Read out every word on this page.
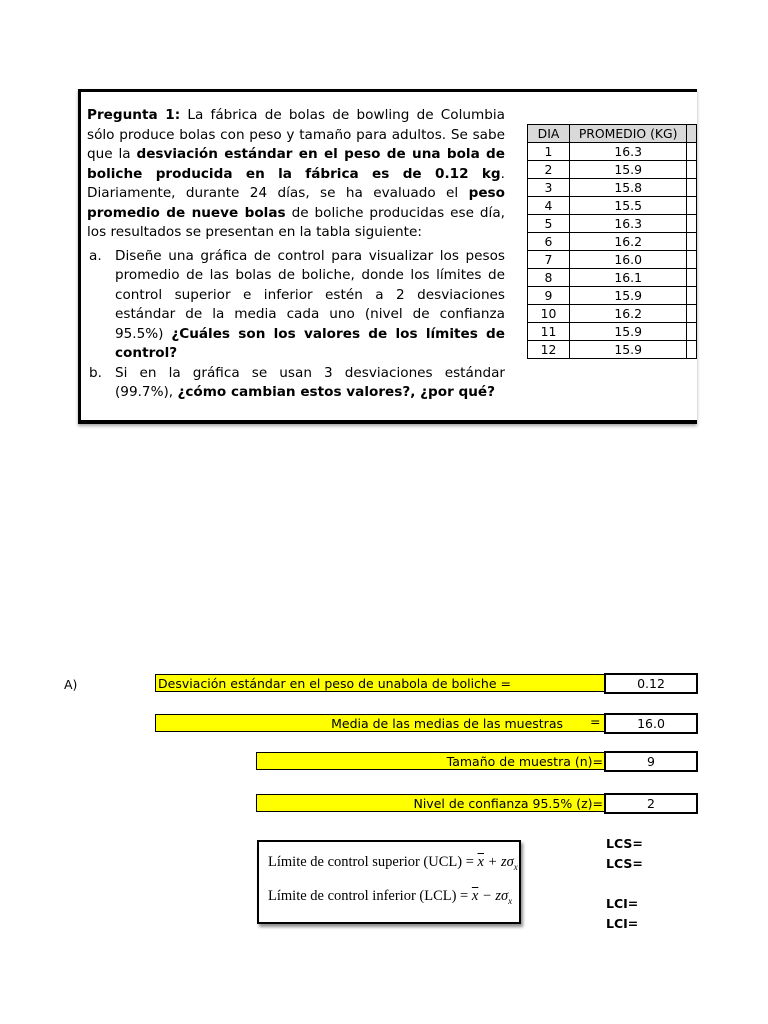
Pregunta 1: La fábrica de bolas de bowling de Columbia sólo produce bolas con peso y tamaño para adultos. Se sabe que la desviación estándar en el peso de una bola de boliche producida en la fábrica es de 0.12 kg. Diariamente, durante 24 días, se ha evaluado el peso promedio de nueve bolas de boliche producidas ese día, los resultados se presentan en la tabla siguiente:

a. Diseñe una gráfica de control para visualizar los pesos promedio de las bolas de boliche, donde los límites de control superior e inferior estén a 2 desviaciones estándar de la media cada uno (nivel de confianza 95.5%) ¿Cuáles son los valores de los límites de control?
b. Si en la gráfica se usan 3 desviaciones estándar (99.7%), ¿cómo cambian estos valores?, ¿por qué?
DIA	PROMEDIO (KG)	
1	16.3	
2	15.9	
3	15.8	
4	15.5	
5	16.3	
6	16.2	
7	16.0	
8	16.1	
9	15.9	
10	16.2	
11	15.9	
12	15.9	
A)	Desviación estándar en el peso de unabola de boliche =	0.12
Media de las medias de las muestras	=	16.0
Tamaño de muestra (n)=	9
Nivel de confianza 95.5% (z)=	2
Límite de control superior $(UCL) = \overline{x} + z\sigma_x$
Límite de control inferior $(LCL) = \overline{x} - z\sigma_x$
LCS=
LCS=
LCI=
LCI=
